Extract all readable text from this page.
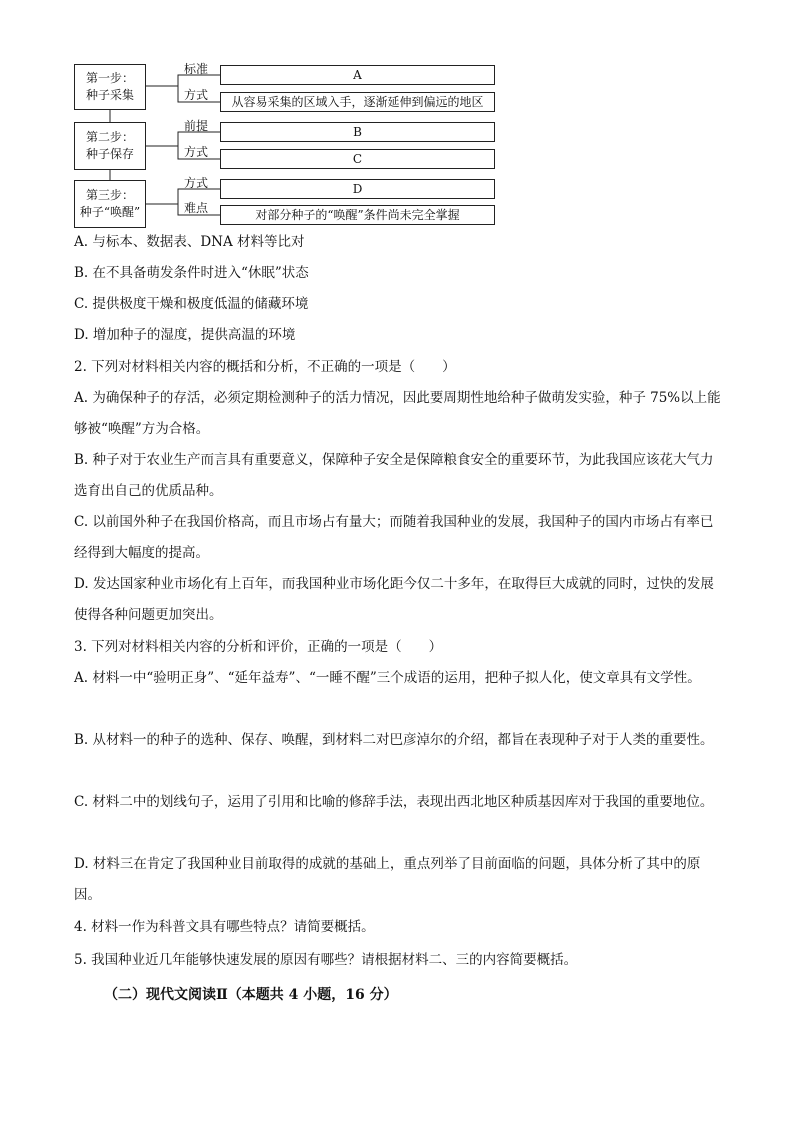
第一步：
种子采集
第二步：
种子保存
第三步：
种子“唤醒”
标准
方式
前提
方式
方式
难点
A
从容易采集的区域入手，逐渐延伸到偏远的地区
B
C
D
对部分种子的“唤醒”条件尚未完全掌握
A. 与标本、数据表、DNA 材料等比对
B. 在不具备萌发条件时进入“休眠”状态
C. 提供极度干燥和极度低温的储藏环境
D. 增加种子的湿度，提供高温的环境
2. 下列对材料相关内容的概括和分析，不正确的一项是（　　）
A. 为确保种子的存活，必须定期检测种子的活力情况，因此要周期性地给种子做萌发实验，种子 75%以上能够被“唤醒”方为合格。
B. 种子对于农业生产而言具有重要意义，保障种子安全是保障粮食安全的重要环节，为此我国应该花大气力选育出自己的优质品种。
C. 以前国外种子在我国价格高，而且市场占有量大；而随着我国种业的发展，我国种子的国内市场占有率已经得到大幅度的提高。
D. 发达国家种业市场化有上百年，而我国种业市场化距今仅二十多年，在取得巨大成就的同时，过快的发展使得各种问题更加突出。
3. 下列对材料相关内容的分析和评价，正确的一项是（　　）
A. 材料一中“验明正身”、“延年益寿”、“一睡不醒”三个成语的运用，把种子拟人化，使文章具有文学性。
B. 从材料一的种子的选种、保存、唤醒，到材料二对巴彦淖尔的介绍，都旨在表现种子对于人类的重要性。
C. 材料二中的划线句子，运用了引用和比喻的修辞手法，表现出西北地区种质基因库对于我国的重要地位。
D. 材料三在肯定了我国种业目前取得的成就的基础上，重点列举了目前面临的问题，具体分析了其中的原因。
4. 材料一作为科普文具有哪些特点？请简要概括。
5. 我国种业近几年能够快速发展的原因有哪些？请根据材料二、三的内容简要概括。
（二）现代文阅读Ⅱ（本题共 4 小题，16 分）
